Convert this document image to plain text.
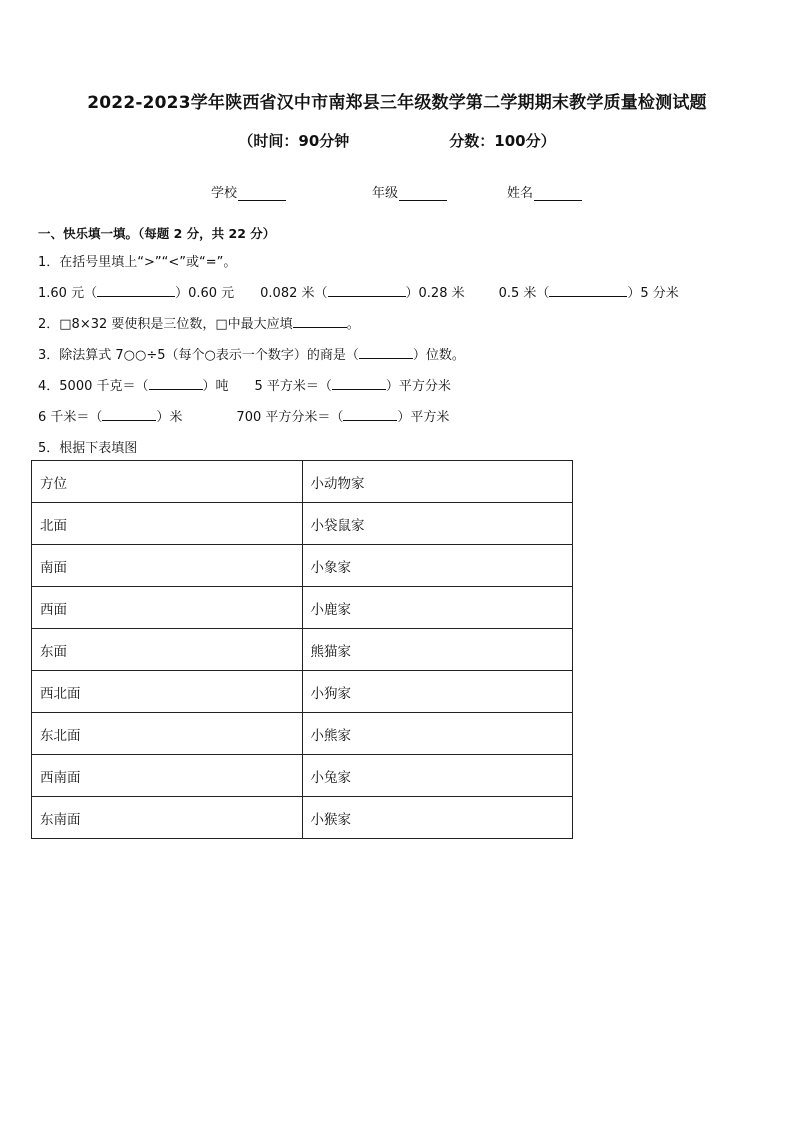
2022-2023学年陕西省汉中市南郑县三年级数学第二学期期末教学质量检测试题
（时间：90分钟	分数：100分）
学校	年级	姓名
一、快乐填一填。（每题 2 分，共 22 分）
1．在括号里填上“>”“<”或“=”。
1.60 元（	）0.60 元 0.082 米（	）0.28 米	0.5 米（	）5 分米
2．□8×32 要使积是三位数，□中最大应填	。
3．除法算式 7○○÷5（每个○表示一个数字）的商是（	）位数。
4．5000 千克＝（	）吨 5 平方米＝（	）平方分米
6 千米＝（	）米	700 平方分米＝（	）平方米
5．根据下表填图
方位	小动物家
北面	小袋鼠家
南面	小象家
西面	小鹿家
东面	熊猫家
西北面	小狗家
东北面	小熊家
西南面	小兔家
东南面	小猴家
